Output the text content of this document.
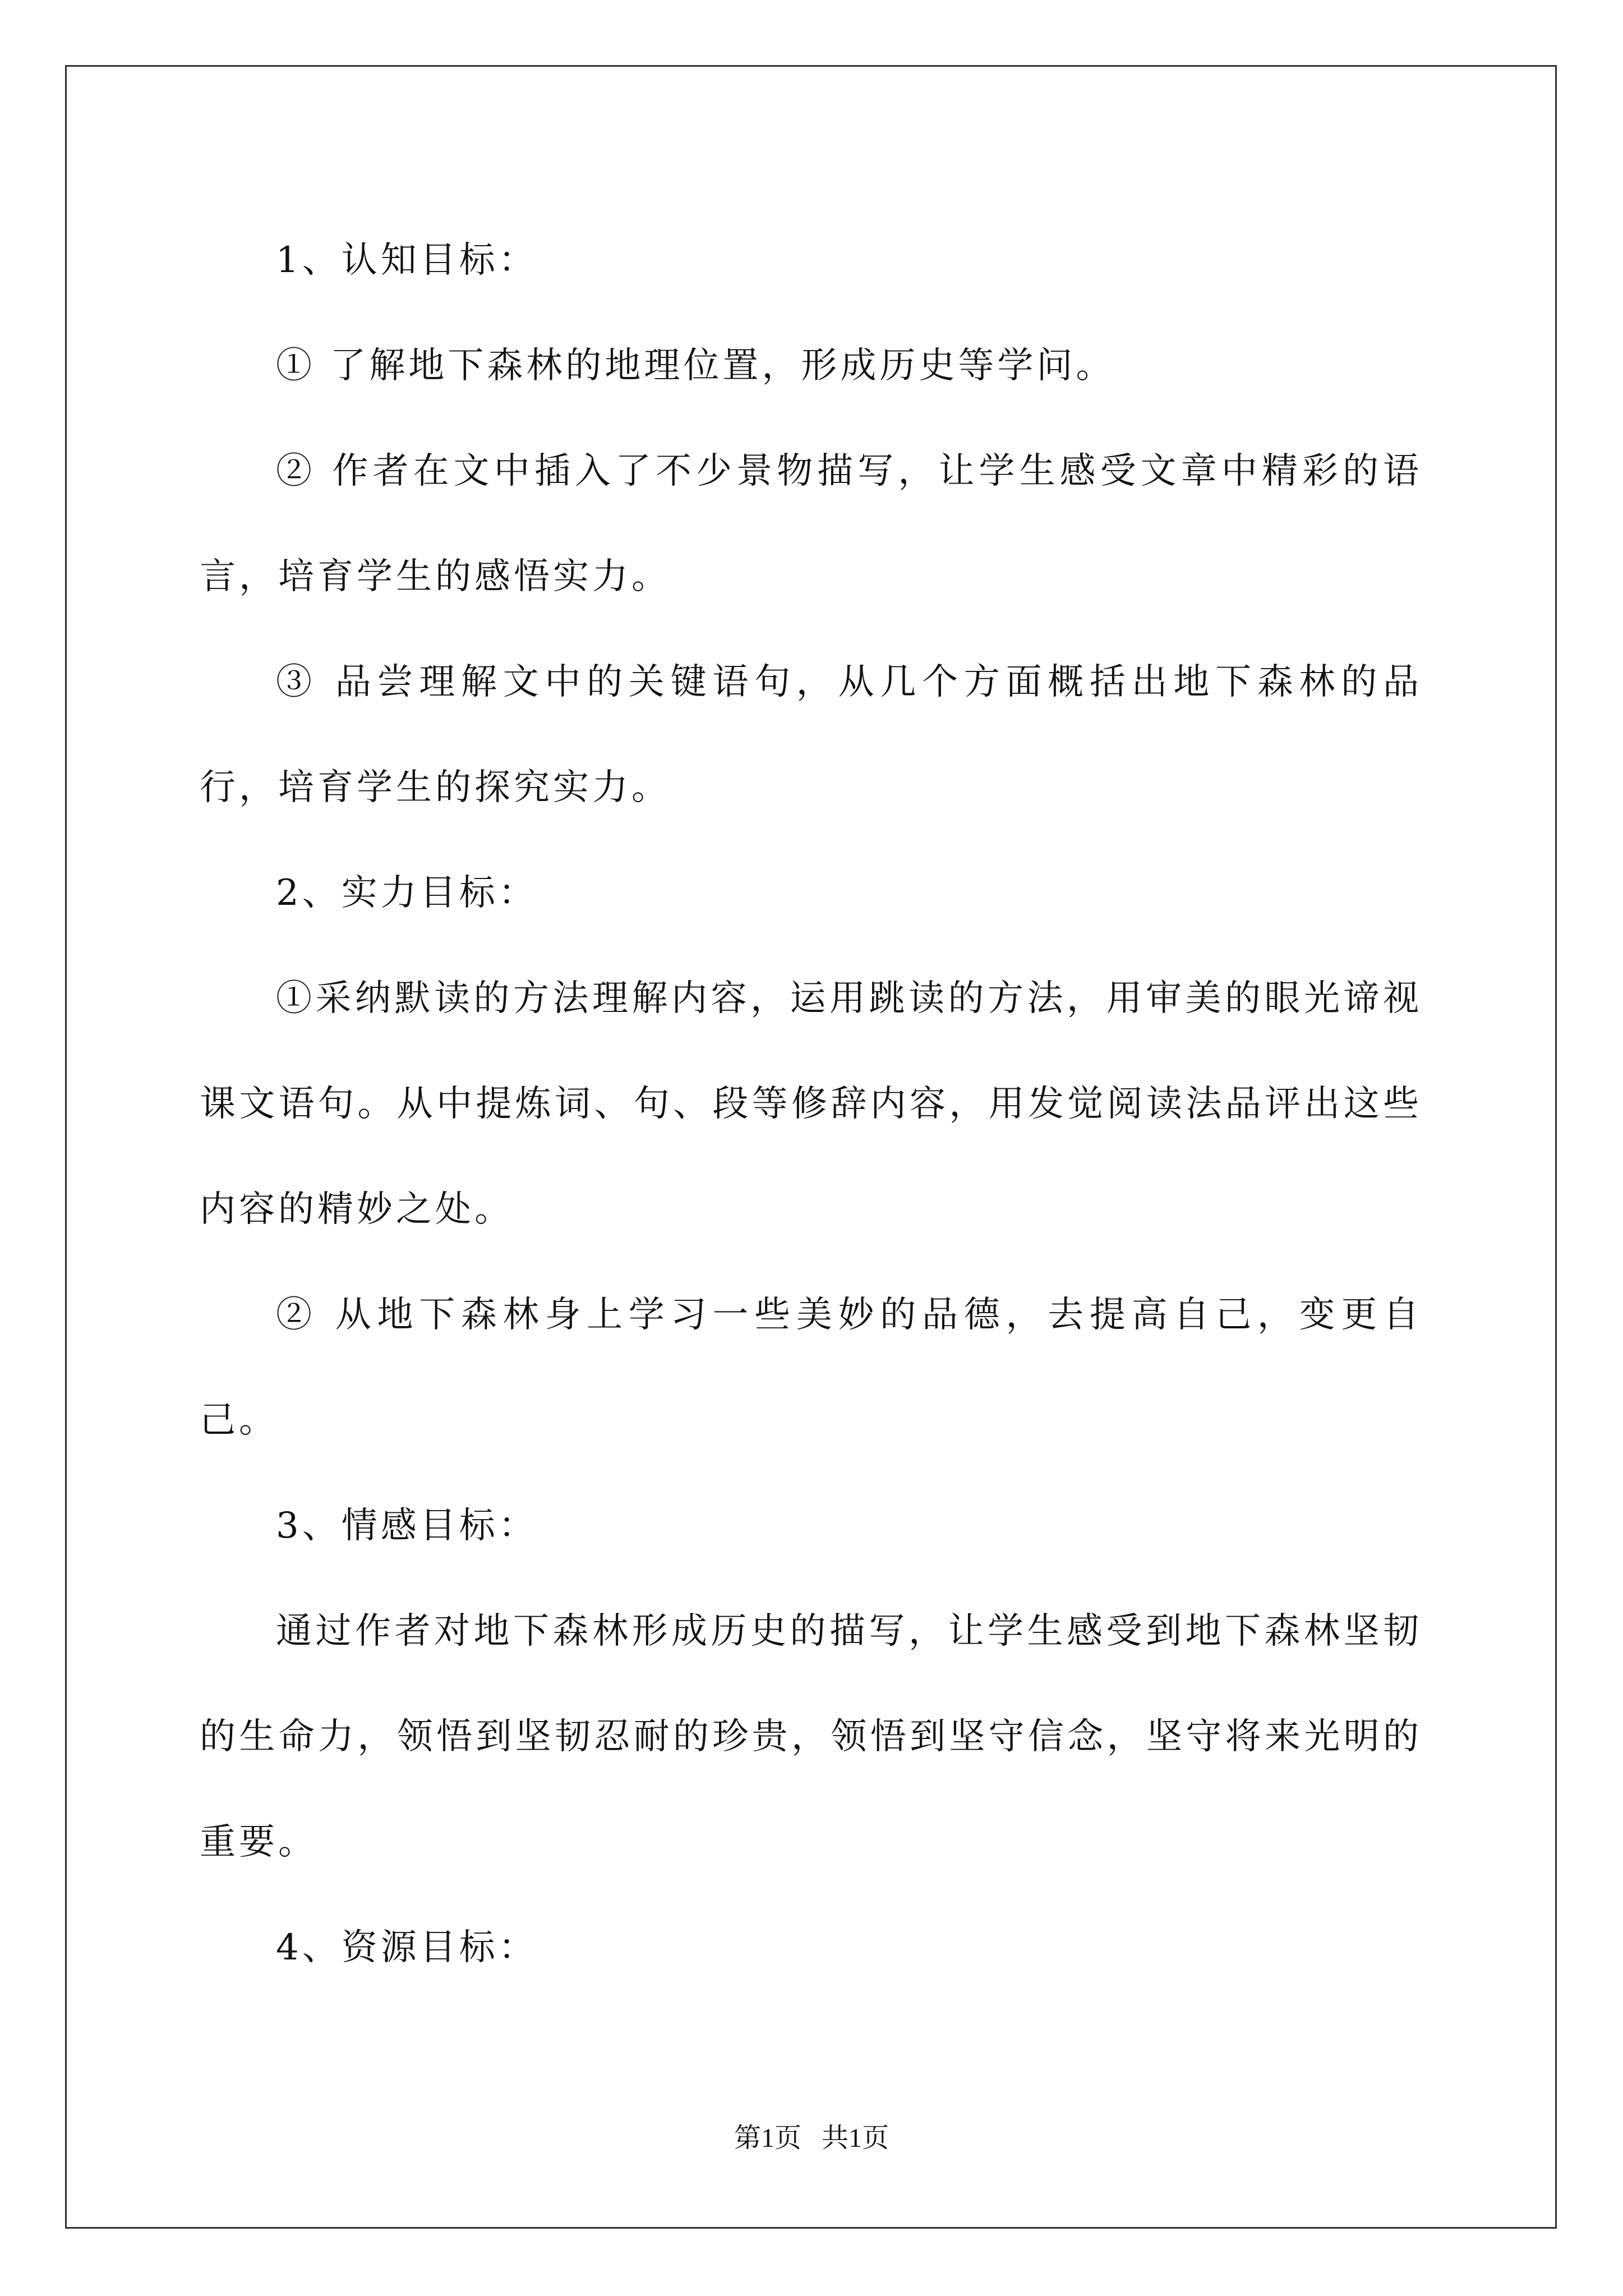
1、认知目标：

① 了解地下森林的地理位置，形成历史等学问。

② 作者在文中插入了不少景物描写，让学生感受文章中精彩的语言，培育学生的感悟实力。

③ 品尝理解文中的关键语句，从几个方面概括出地下森林的品行，培育学生的探究实力。

2、实力目标：

①采纳默读的方法理解内容，运用跳读的方法，用审美的眼光谛视课文语句。从中提炼词、句、段等修辞内容，用发觉阅读法品评出这些内容的精妙之处。

② 从地下森林身上学习一些美妙的品德，去提高自己，变更自己。

3、情感目标：

通过作者对地下森林形成历史的描写，让学生感受到地下森林坚韧的生命力，领悟到坚韧忍耐的珍贵，领悟到坚守信念，坚守将来光明的重要。

4、资源目标：

第1页   共1页
